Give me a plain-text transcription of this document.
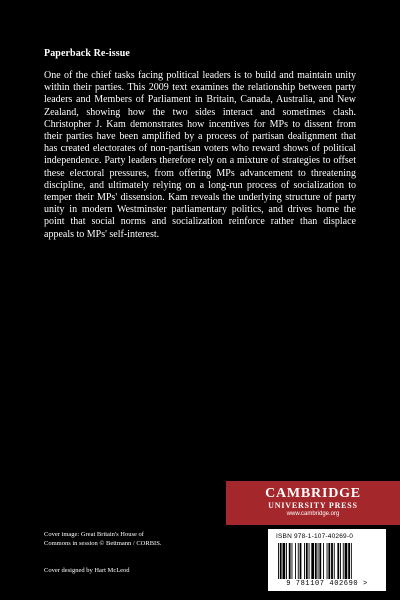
Paperback Re-issue

One of the chief tasks facing political leaders is to build and maintain unity within their parties. This 2009 text examines the relationship between party leaders and Members of Parliament in Britain, Canada, Australia, and New Zealand, showing how the two sides interact and sometimes clash. Christopher J. Kam demonstrates how incentives for MPs to dissent from their parties have been amplified by a process of partisan dealignment that has created electorates of non-partisan voters who reward shows of political independence. Party leaders therefore rely on a mixture of strategies to offset these electoral pressures, from offering MPs advancement to threatening discipline, and ultimately relying on a long-run process of socialization to temper their MPs' dissension. Kam reveals the underlying structure of party unity in modern Westminster parliamentary politics, and drives home the point that social norms and socialization reinforce rather than displace appeals to MPs' self-interest.

Cover image: Great Britain's House of
Commons in session © Bettmann / CORBIS.
Cover designed by Hart McLeod
CAMBRIDGE
UNIVERSITY PRESS
www.cambridge.org
ISBN 978-1-107-40269-0
9 781107 402690 >
